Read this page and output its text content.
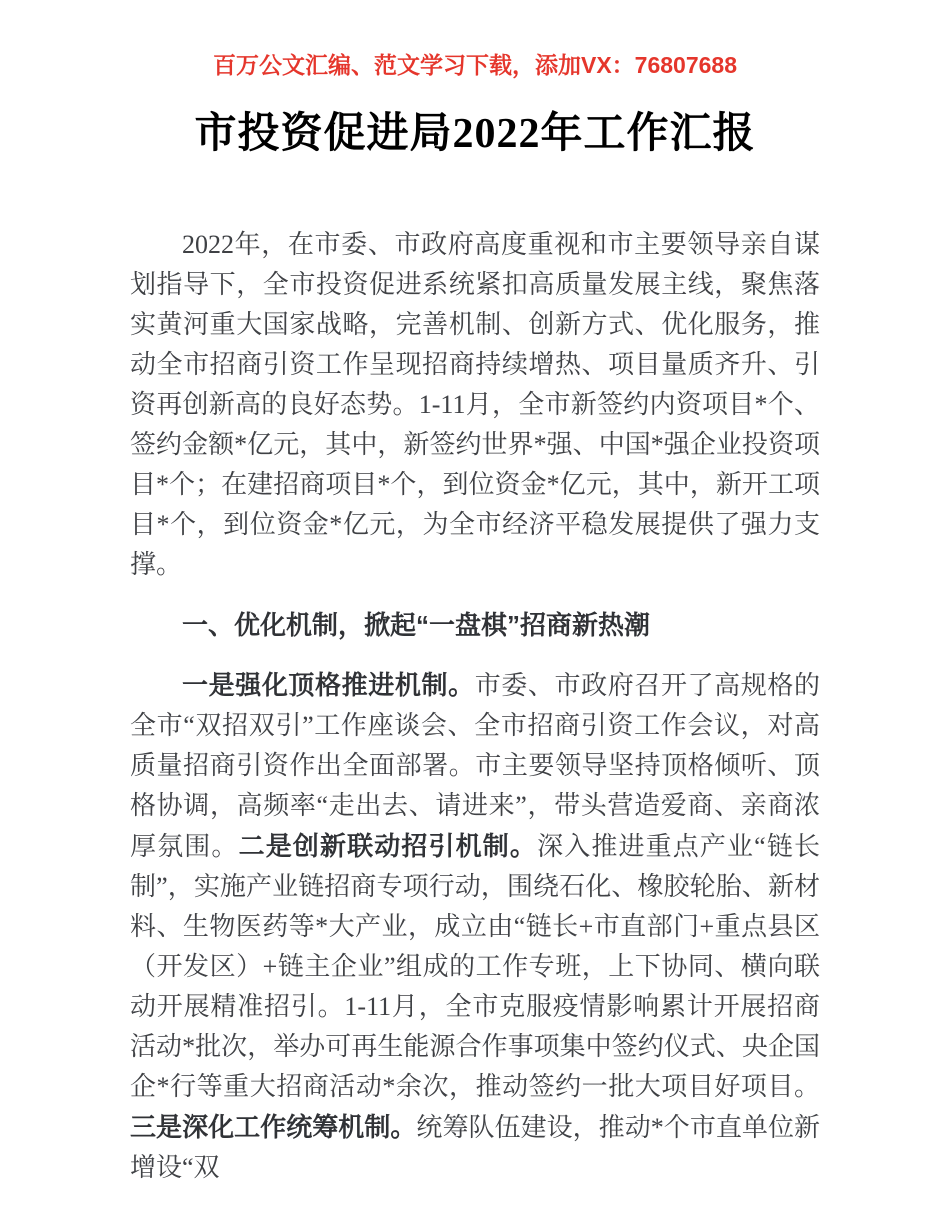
百万公文汇编、范文学习下载，添加VX：76807688
市投资促进局2022年工作汇报

2022年，在市委、市政府高度重视和市主要领导亲自谋划指导下，全市投资促进系统紧扣高质量发展主线，聚焦落实黄河重大国家战略，完善机制、创新方式、优化服务，推动全市招商引资工作呈现招商持续增热、项目量质齐升、引资再创新高的良好态势。1-11月，全市新签约内资项目*个、签约金额*亿元，其中，新签约世界*强、中国*强企业投资项目*个；在建招商项目*个，到位资金*亿元，其中，新开工项目*个，到位资金*亿元，为全市经济平稳发展提供了强力支撑。

一、优化机制，掀起“一盘棋”招商新热潮

一是强化顶格推进机制。市委、市政府召开了高规格的全市“双招双引”工作座谈会、全市招商引资工作会议，对高质量招商引资作出全面部署。市主要领导坚持顶格倾听、顶格协调，高频率“走出去、请进来”，带头营造爱商、亲商浓厚氛围。二是创新联动招引机制。深入推进重点产业“链长制”，实施产业链招商专项行动，围绕石化、橡胶轮胎、新材料、生物医药等*大产业，成立由“链长+市直部门+重点县区（开发区）+链主企业”组成的工作专班，上下协同、横向联动开展精准招引。1-11月，全市克服疫情影响累计开展招商活动*批次，举办可再生能源合作事项集中签约仪式、央企国企*行等重大招商活动*余次，推动签约一批大项目好项目。三是深化工作统筹机制。统筹队伍建设，推动*个市直单位新增设“双
